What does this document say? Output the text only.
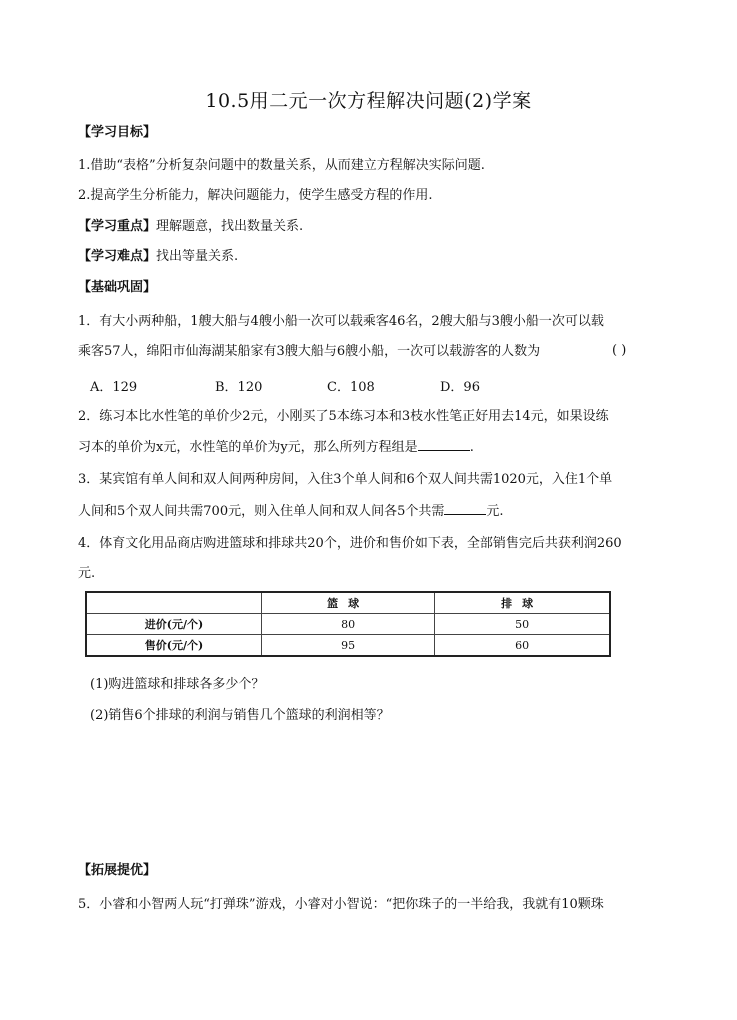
10.5用二元一次方程解决问题(2)学案
【学习目标】
1.借助“表格”分析复杂问题中的数量关系，从而建立方程解决实际问题.
2.提高学生分析能力，解决问题能力，使学生感受方程的作用.
【学习重点】理解题意，找出数量关系.
【学习难点】找出等量关系.
【基础巩固】
1．有大小两种船，1艘大船与4艘小船一次可以载乘客46名，2艘大船与3艘小船一次可以载
乘客57人，绵阳市仙海湖某船家有3艘大船与6艘小船，一次可以载游客的人数为	( )
A．129	B．120	C．108	D．96
2．练习本比水性笔的单价少2元，小刚买了5本练习本和3枝水性笔正好用去14元，如果设练
习本的单价为x元，水性笔的单价为y元，那么所列方程组是	.
3．某宾馆有单人间和双人间两种房间，入住3个单人间和6个双人间共需1020元，入住1个单
人间和5个双人间共需700元，则入住单人间和双人间各5个共需	元.
4．体育文化用品商店购进篮球和排球共20个，进价和售价如下表，全部销售完后共获利润260
元.
	篮球	排球
进价(元/个)	80	50
售价(元/个)	95	60
(1)购进篮球和排球各多少个？
(2)销售6个排球的利润与销售几个篮球的利润相等？
【拓展提优】
5．小睿和小智两人玩“打弹珠”游戏，小睿对小智说：“把你珠子的一半给我，我就有10颗珠
